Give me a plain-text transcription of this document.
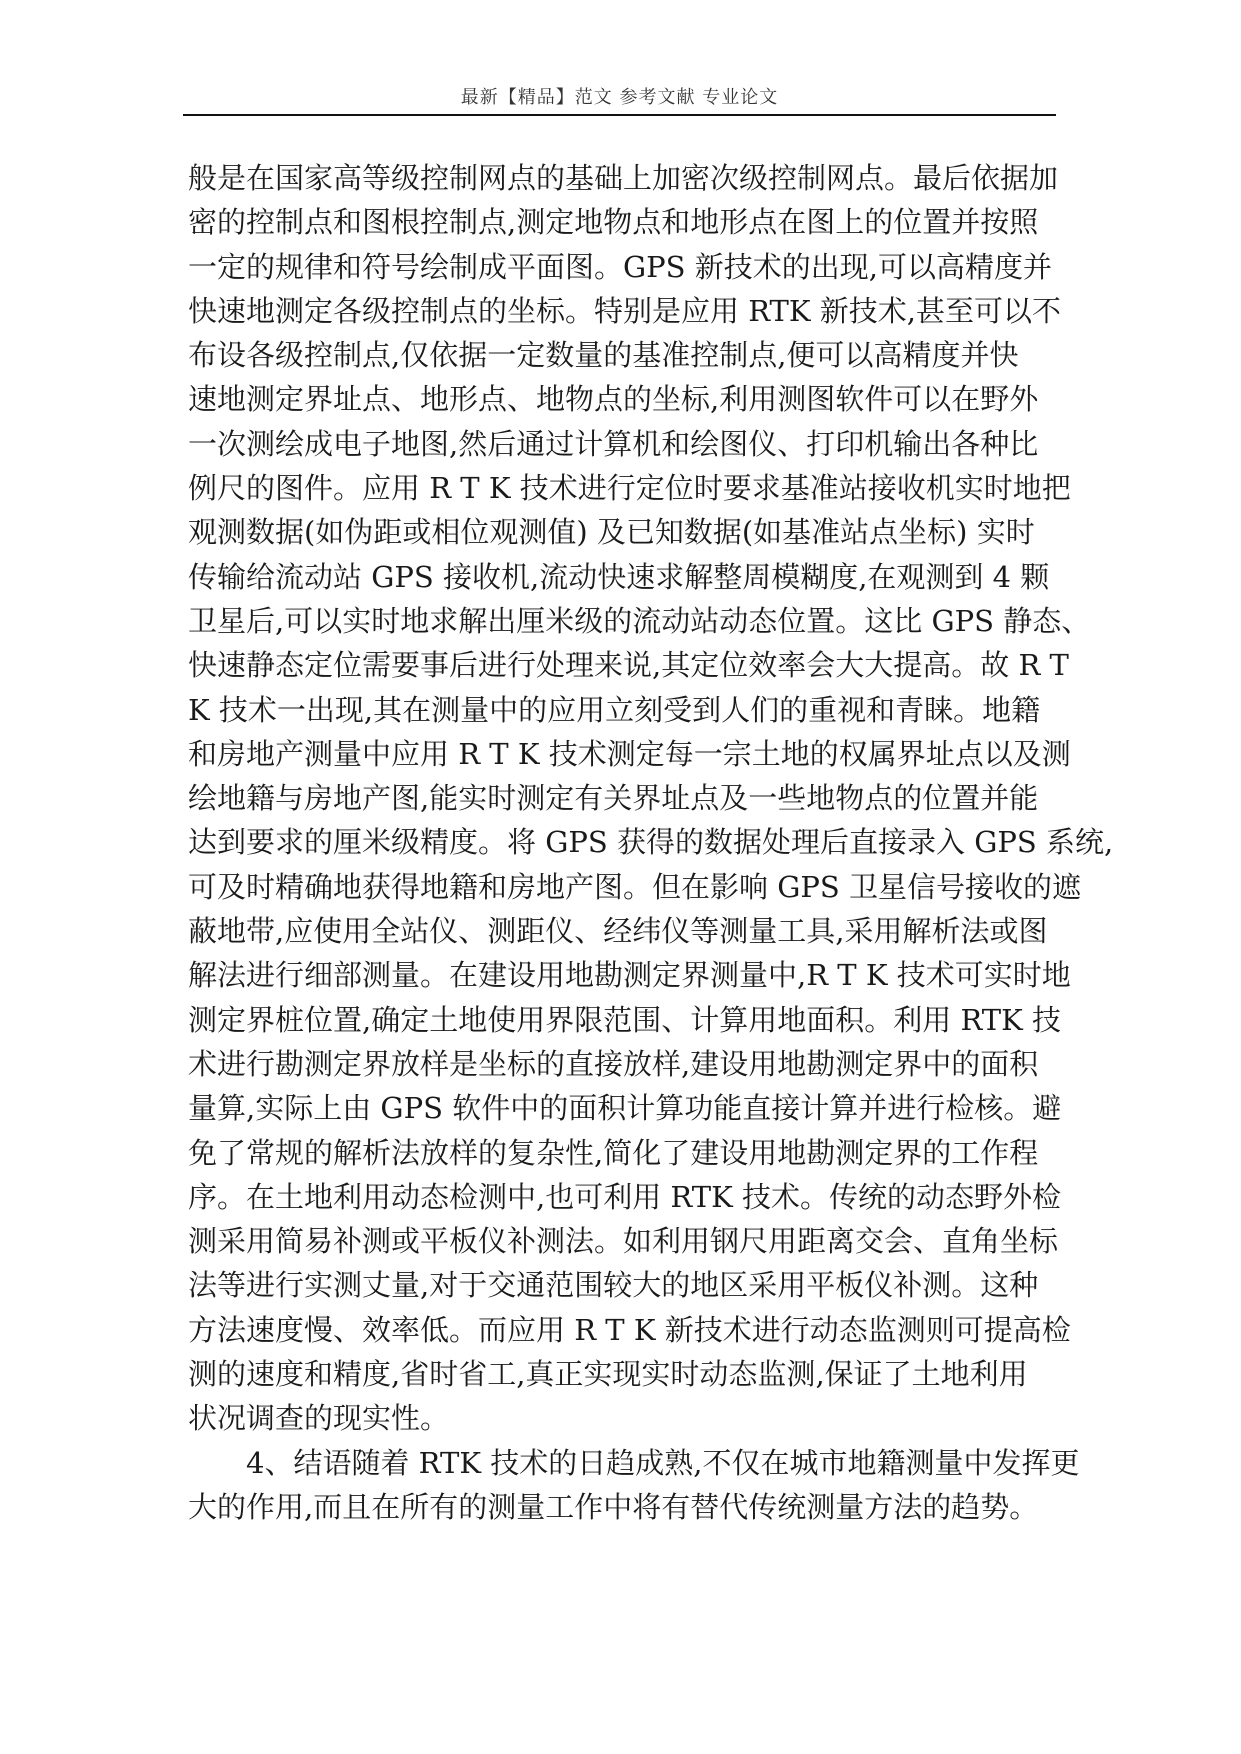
最新【精品】范文 参考文献 专业论文
般是在国家高等级控制网点的基础上加密次级控制网点。最后依据加
密的控制点和图根控制点,测定地物点和地形点在图上的位置并按照
一定的规律和符号绘制成平面图。GPS 新技术的出现,可以高精度并
快速地测定各级控制点的坐标。特别是应用 RTK 新技术,甚至可以不
布设各级控制点,仅依据一定数量的基准控制点,便可以高精度并快
速地测定界址点、地形点、地物点的坐标,利用测图软件可以在野外
一次测绘成电子地图,然后通过计算机和绘图仪、打印机输出各种比
例尺的图件。应用 R T K 技术进行定位时要求基准站接收机实时地把
观测数据(如伪距或相位观测值) 及已知数据(如基准站点坐标) 实时
传输给流动站 GPS 接收机,流动快速求解整周模糊度,在观测到 4 颗
卫星后,可以实时地求解出厘米级的流动站动态位置。这比 GPS 静态、
快速静态定位需要事后进行处理来说,其定位效率会大大提高。故 R T
K 技术一出现,其在测量中的应用立刻受到人们的重视和青睐。地籍
和房地产测量中应用 R T K 技术测定每一宗土地的权属界址点以及测
绘地籍与房地产图,能实时测定有关界址点及一些地物点的位置并能
达到要求的厘米级精度。将 GPS 获得的数据处理后直接录入 GPS 系统,
可及时精确地获得地籍和房地产图。但在影响 GPS 卫星信号接收的遮
蔽地带,应使用全站仪、测距仪、经纬仪等测量工具,采用解析法或图
解法进行细部测量。在建设用地勘测定界测量中,R T K 技术可实时地
测定界桩位置,确定土地使用界限范围、计算用地面积。利用 RTK 技
术进行勘测定界放样是坐标的直接放样,建设用地勘测定界中的面积
量算,实际上由 GPS 软件中的面积计算功能直接计算并进行检核。避
免了常规的解析法放样的复杂性,简化了建设用地勘测定界的工作程
序。在土地利用动态检测中,也可利用 RTK 技术。传统的动态野外检
测采用简易补测或平板仪补测法。如利用钢尺用距离交会、直角坐标
法等进行实测丈量,对于交通范围较大的地区采用平板仪补测。这种
方法速度慢、效率低。而应用 R T K 新技术进行动态监测则可提高检
测的速度和精度,省时省工,真正实现实时动态监测,保证了土地利用
状况调查的现实性。
4、结语随着 RTK 技术的日趋成熟,不仅在城市地籍测量中发挥更
大的作用,而且在所有的测量工作中将有替代传统测量方法的趋势。
